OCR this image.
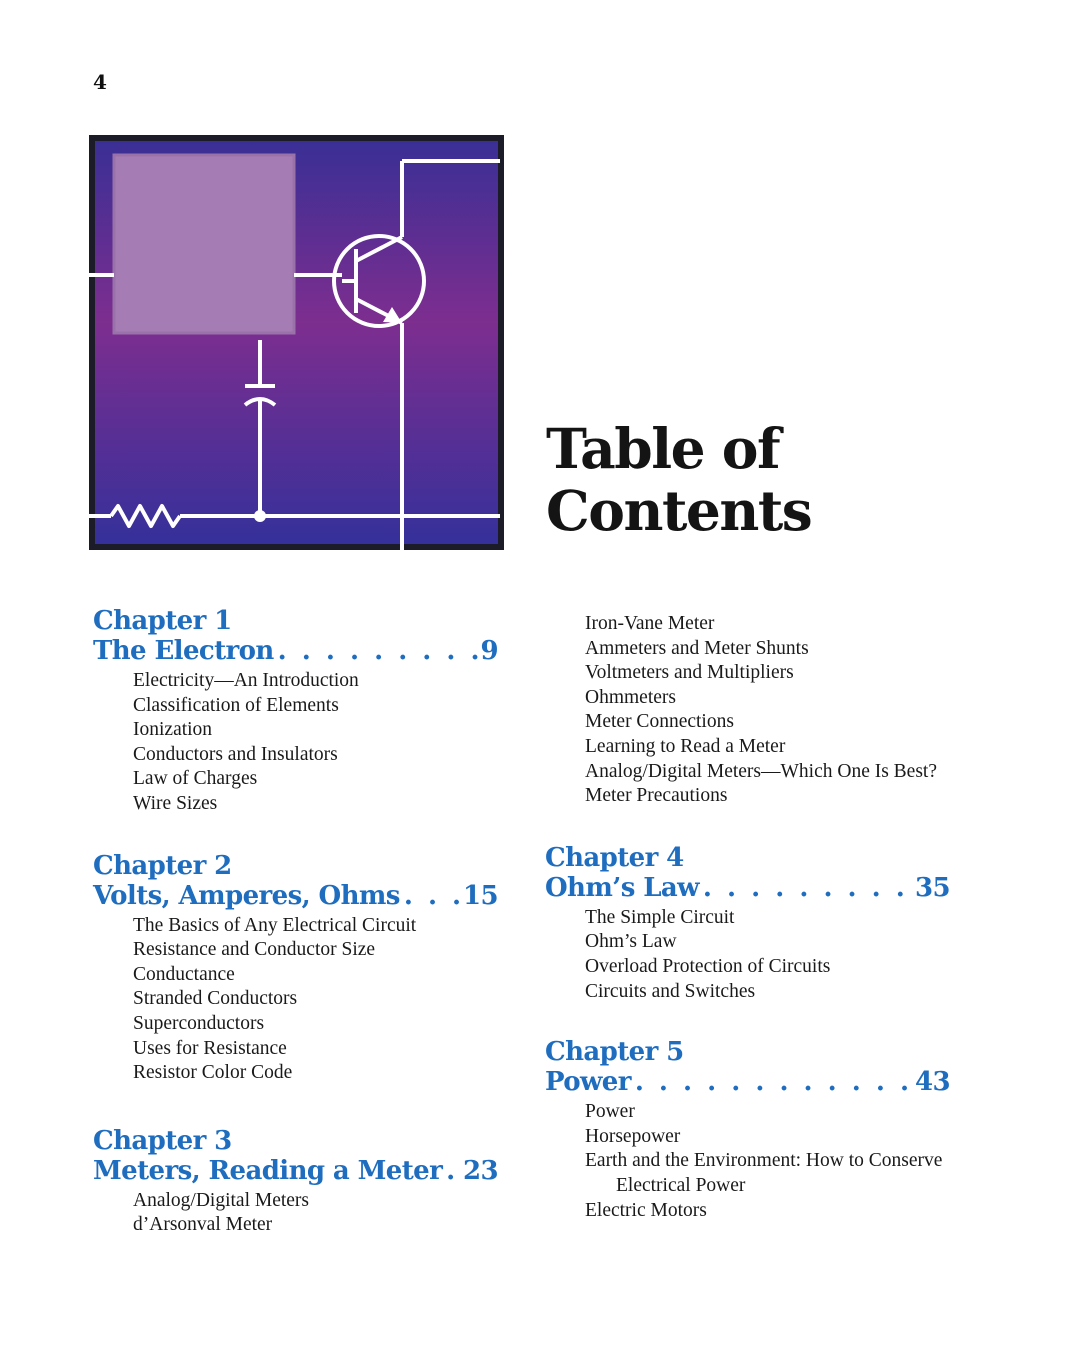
4
Table of
Contents
Chapter 1
The Electron . . .	9
Electricity—An Introduction
Classification of Elements
Ionization
Conductors and Insulators
Law of Charges
Wire Sizes
Chapter 2
Volts, Amperes, Ohms . . . 15
The Basics of Any Electrical Circuit
Resistance and Conductor Size
Conductance
Stranded Conductors
Superconductors
Uses for Resistance
Resistor Color Code
Chapter 3
Meters, Reading a Meter . . . 23
Analog/Digital Meters
d’Arsonval Meter
Iron-Vane Meter
Ammeters and Meter Shunts
Voltmeters and Multipliers
Ohmmeters
Meter Connections
Learning to Read a Meter
Analog/Digital Meters—Which One Is Best?
Meter Precautions
Chapter 4
Ohm’s Law . . .	35
The Simple Circuit
Ohm’s Law
Overload Protection of Circuits
Circuits and Switches
Chapter 5
Power . . .	43
Power
Horsepower
Earth and the Environment: How to Conserve Electrical Power
Electric Motors
